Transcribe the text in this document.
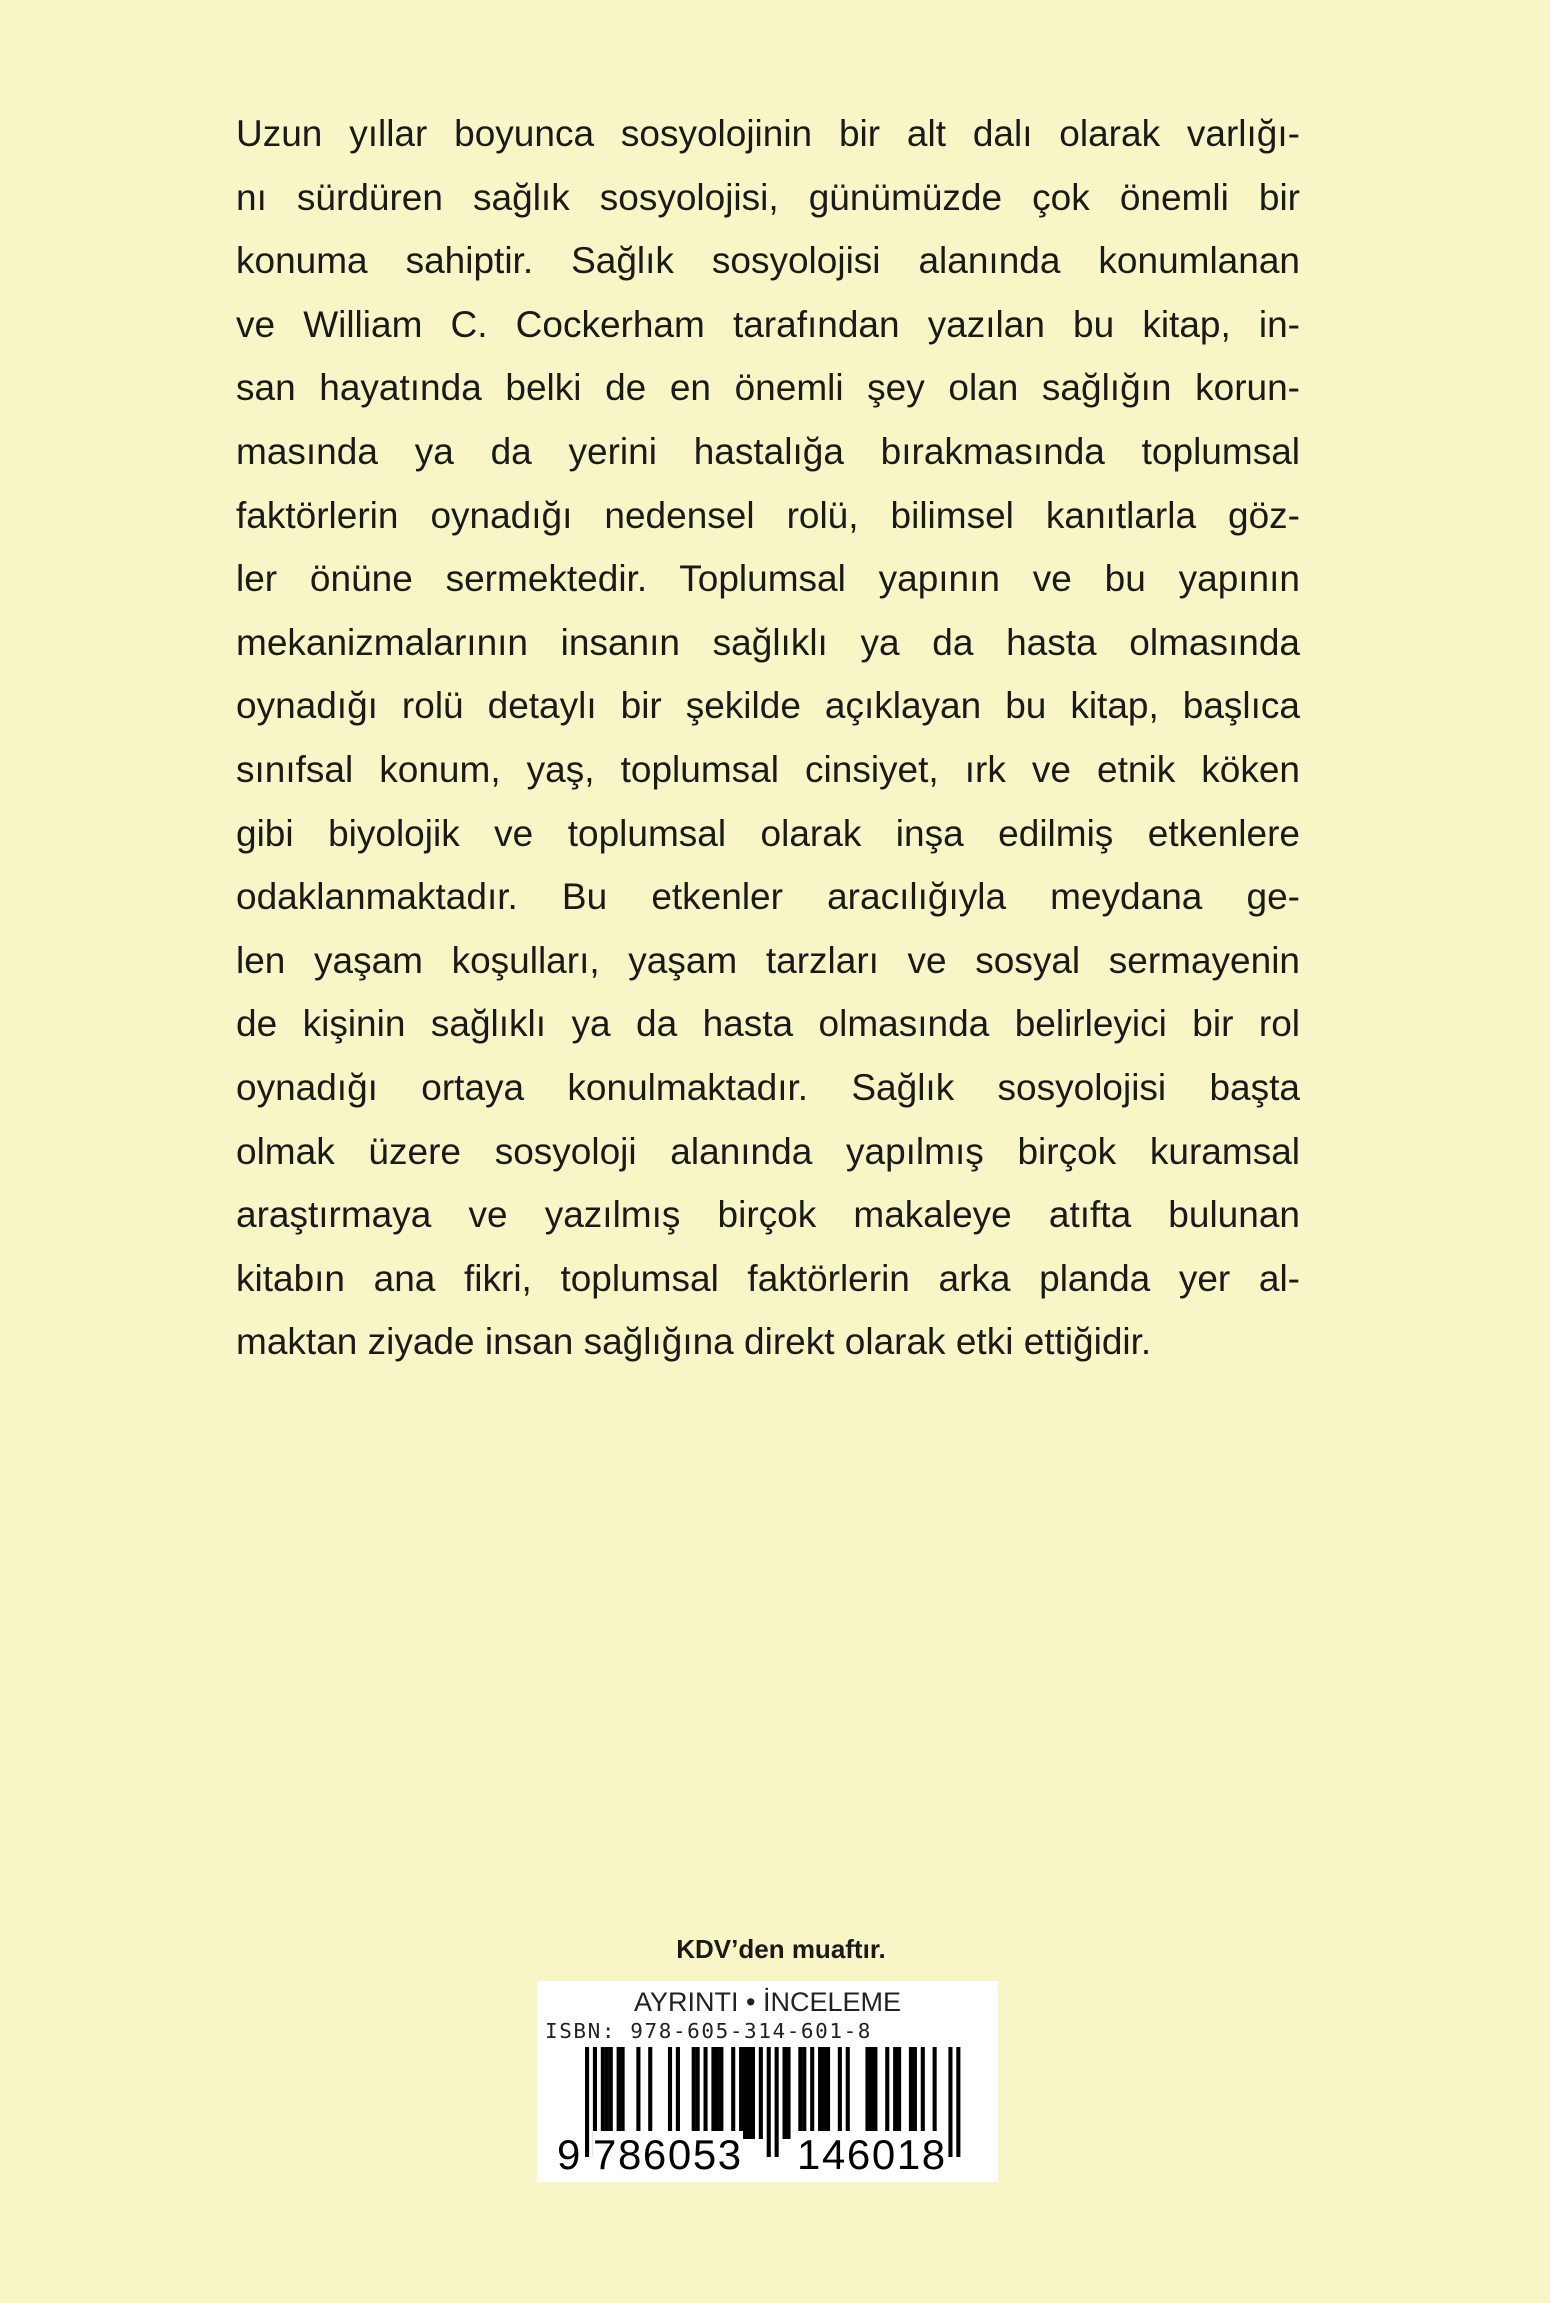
Uzun yıllar boyunca sosyolojinin bir alt dalı olarak varlığı-
nı sürdüren sağlık sosyolojisi, günümüzde çok önemli bir
konuma sahiptir. Sağlık sosyolojisi alanında konumlanan
ve William C. Cockerham tarafından yazılan bu kitap, in-
san hayatında belki de en önemli şey olan sağlığın korun-
masında ya da yerini hastalığa bırakmasında toplumsal
faktörlerin oynadığı nedensel rolü, bilimsel kanıtlarla göz-
ler önüne sermektedir. Toplumsal yapının ve bu yapının
mekanizmalarının insanın sağlıklı ya da hasta olmasında
oynadığı rolü detaylı bir şekilde açıklayan bu kitap, başlıca
sınıfsal konum, yaş, toplumsal cinsiyet, ırk ve etnik köken
gibi biyolojik ve toplumsal olarak inşa edilmiş etkenlere
odaklanmaktadır. Bu etkenler aracılığıyla meydana ge-
len yaşam koşulları, yaşam tarzları ve sosyal sermayenin
de kişinin sağlıklı ya da hasta olmasında belirleyici bir rol
oynadığı ortaya konulmaktadır. Sağlık sosyolojisi başta
olmak üzere sosyoloji alanında yapılmış birçok kuramsal
araştırmaya ve yazılmış birçok makaleye atıfta bulunan
kitabın ana fikri, toplumsal faktörlerin arka planda yer al-
maktan ziyade insan sağlığına direkt olarak etki ettiğidir.
KDV’den muaftır.
AYRINTI • İNCELEME
ISBN: 978-605-314-601-8
9 786053 146018
